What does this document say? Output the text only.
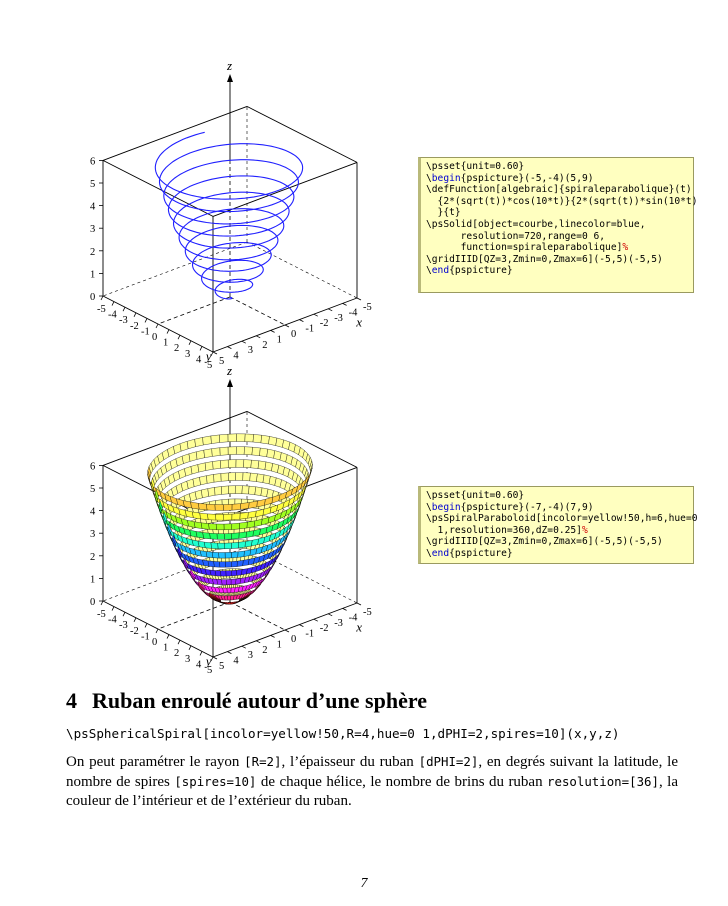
z
x
y
0
1
2
3
4
5
6
-5
-4
-3
-2
-1
0
1
2
3
4
5 5 4 3 2 1 0 -1 -2 -3 -4 -5
\psset{unit=0.60}
\begin{pspicture}(-5,-4)(5,9)
\defFunction[algebraic]{spiraleparabolique}(t)
{2*(sqrt(t))*cos(10*t)}{2*(sqrt(t))*sin(10*t)
}{t}
\psSolid[object=courbe,linecolor=blue,
resolution=720,range=0 6,
function=spiraleparabolique]%
\gridIIID[QZ=3,Zmin=0,Zmax=6](-5,5)(-5,5)
\end{pspicture}
z
x
y
0
1
2
3
4
5
6
-5
-4
-3
-2
-1
0
1
2
3
4
5 5 4 3 2 1 0 -1 -2 -3 -4 -5
\psset{unit=0.60}
\begin{pspicture}(-7,-4)(7,9)
\psSpiralParaboloid[incolor=yellow!50,h=6,hue=0
1,resolution=360,dZ=0.25]%
\gridIIID[QZ=3,Zmin=0,Zmax=6](-5,5)(-5,5)
\end{pspicture}
4 Ruban enroulé autour d’une sphère
\psSphericalSpiral[incolor=yellow!50,R=4,hue=0 1,dPHI=2,spires=10](x,y,z)
On peut paramétrer le rayon [R=2], l’épaisseur du ruban [dPHI=2], en degrés suivant la latitude, le nombre de spires [spires=10] de chaque hélice, le nombre de brins du ruban resolution=[36], la couleur de l’intérieur et de l’extérieur du ruban.
7
